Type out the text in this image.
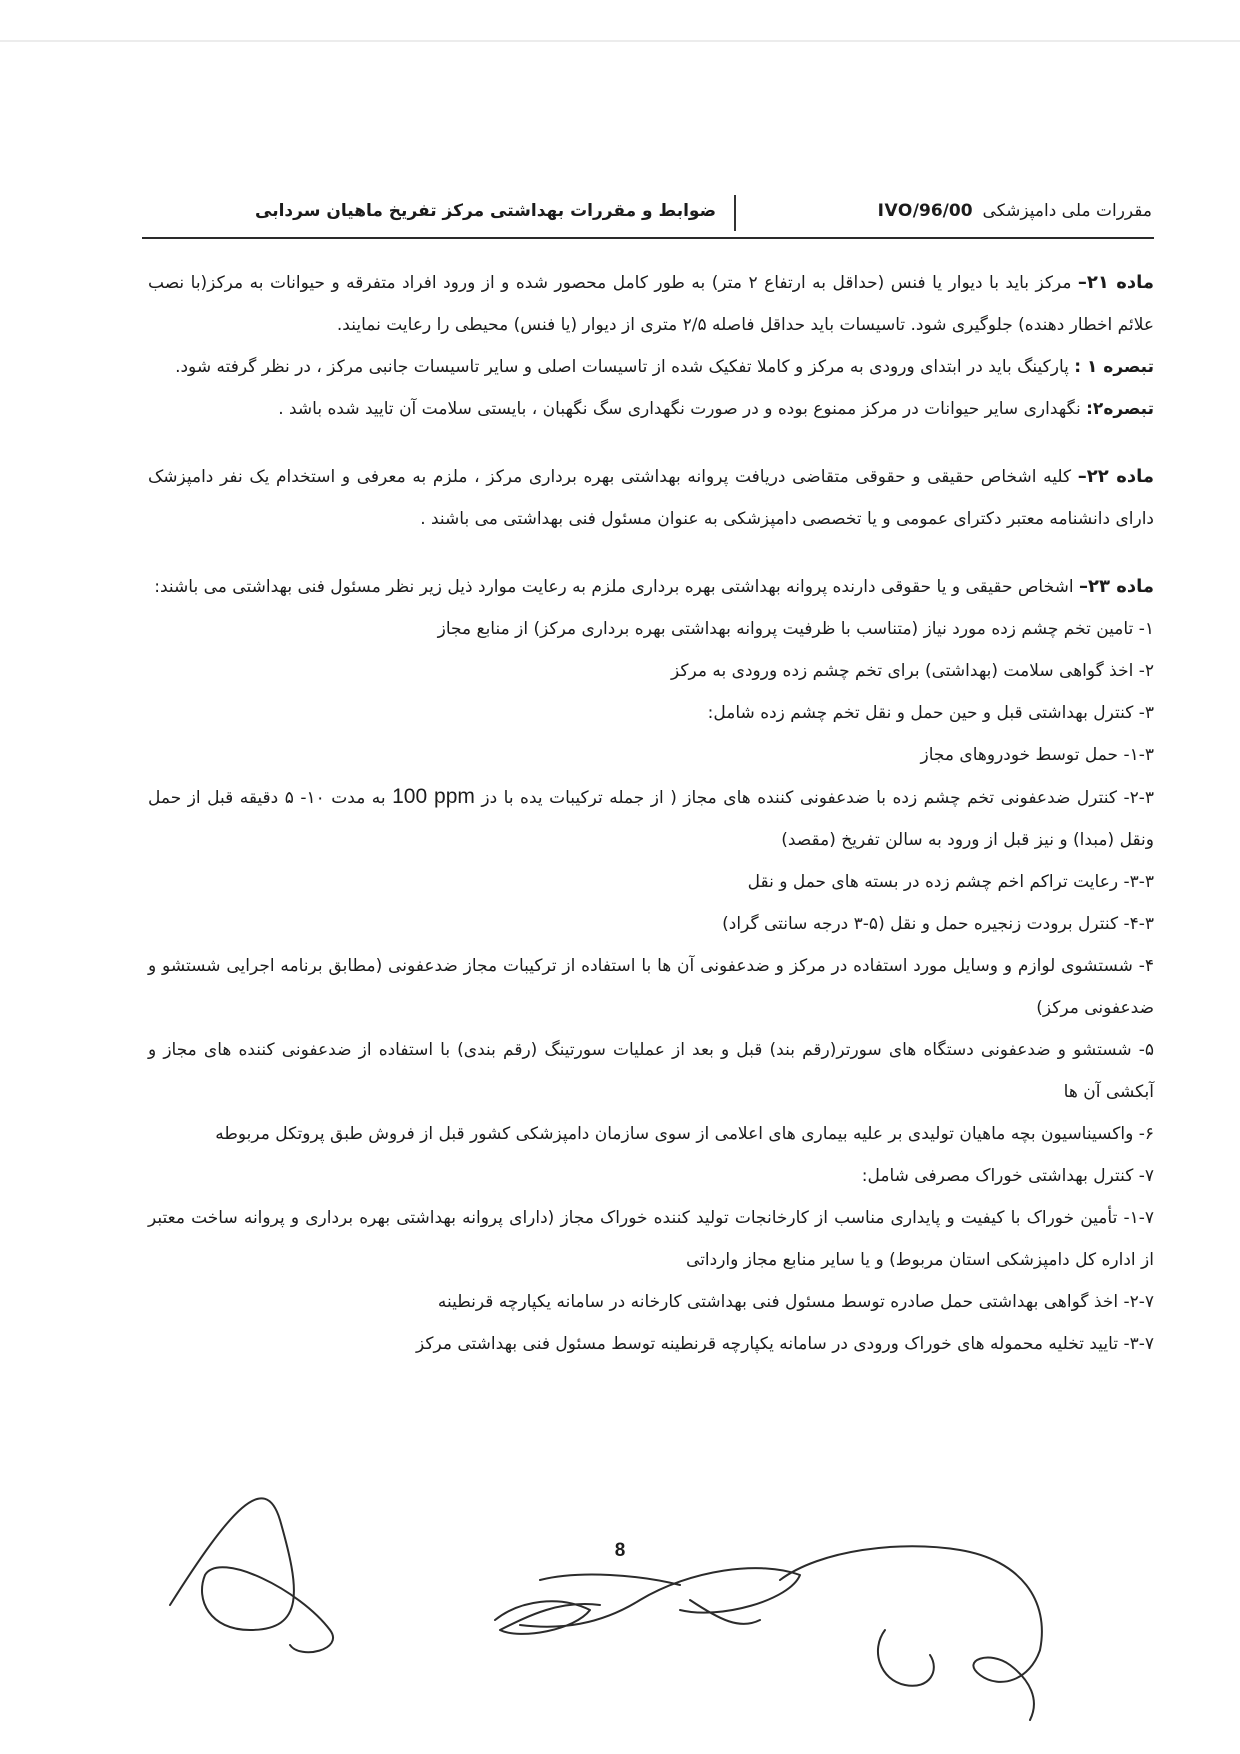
مقررات ملی دامپزشکی96/00/IVO
ضوابط و مقررات بهداشتی مرکز تفریخ ماهیان سردابی

ماده ۲۱– مرکز باید با دیوار یا فنس (حداقل به ارتفاع ۲ متر) به طور کامل محصور شده و از ورود افراد متفرقه و حیوانات به مرکز(با نصب علائم اخطار دهنده) جلوگیری شود. تاسیسات باید حداقل فاصله ۲/۵ متری از دیوار (یا فنس) محیطی را رعایت نمایند.

تبصره ۱ : پارکینگ باید در ابتدای ورودی به مرکز و کاملا تفکیک شده از تاسیسات اصلی و سایر تاسیسات جانبی مرکز ، در نظر گرفته شود.

تبصره۲: نگهداری سایر حیوانات در مرکز ممنوع بوده و در صورت نگهداری سگ نگهبان ، بایستی سلامت آن تایید شده باشد .

ماده ۲۲– کلیه اشخاص حقیقی و حقوقی متقاضی دریافت پروانه بهداشتی بهره برداری مرکز ، ملزم به معرفی و استخدام یک نفر دامپزشک دارای دانشنامه معتبر دکترای عمومی و یا تخصصی دامپزشکی به عنوان مسئول فنی بهداشتی می باشند .

ماده ۲۳– اشخاص حقیقی و یا حقوقی دارنده پروانه بهداشتی بهره برداری ملزم به رعایت موارد ذیل زیر نظر مسئول فنی بهداشتی می باشند:

۱- تامین تخم چشم زده مورد نیاز (متناسب با ظرفیت پروانه بهداشتی بهره برداری مرکز) از منابع مجاز

۲- اخذ گواهی سلامت (بهداشتی) برای تخم چشم زده ورودی به مرکز

۳- کنترل بهداشتی قبل و حین حمل و نقل تخم چشم زده شامل:

۱-۳- حمل توسط خودروهای مجاز

۲-۳- کنترل ضدعفونی تخم چشم زده با ضدعفونی کننده های مجاز ( از جمله ترکیبات یده با دز 100 ppm به مدت ۱۰- ۵ دقیقه قبل از حمل ونقل (مبدا) و نیز قبل از ورود به سالن تفریخ (مقصد)

۳-۳- رعایت تراکم اخم چشم زده در بسته های حمل و نقل

۴-۳- کنترل برودت زنجیره حمل و نقل (۵-۳ درجه سانتی گراد)

۴- شستشوی لوازم و وسایل مورد استفاده در مرکز و ضدعفونی آن ها با استفاده از ترکیبات مجاز ضدعفونی (مطابق برنامه اجرایی شستشو و ضدعفونی مرکز)

۵- شستشو و ضدعفونی دستگاه های سورتر(رقم بند) قبل و بعد از عملیات سورتینگ (رقم بندی) با استفاده از ضدعفونی کننده های مجاز و آبکشی آن ها

۶- واکسیناسیون بچه ماهیان تولیدی بر علیه بیماری های اعلامی از سوی سازمان دامپزشکی کشور قبل از فروش طبق پروتکل مربوطه

۷- کنترل بهداشتی خوراک مصرفی شامل:

۱-۷- تأمین خوراک با کیفیت و پایداری مناسب از کارخانجات تولید کننده خوراک مجاز (دارای پروانه بهداشتی بهره برداری و پروانه ساخت معتبر از اداره کل دامپزشکی استان مربوط) و یا سایر منابع مجاز وارداتی

۲-۷- اخذ گواهی بهداشتی حمل صادره توسط مسئول فنی بهداشتی کارخانه در سامانه یکپارچه قرنطینه

۳-۷- تایید تخلیه محموله های خوراک ورودی در سامانه یکپارچه قرنطینه توسط مسئول فنی بهداشتی مرکز

8
